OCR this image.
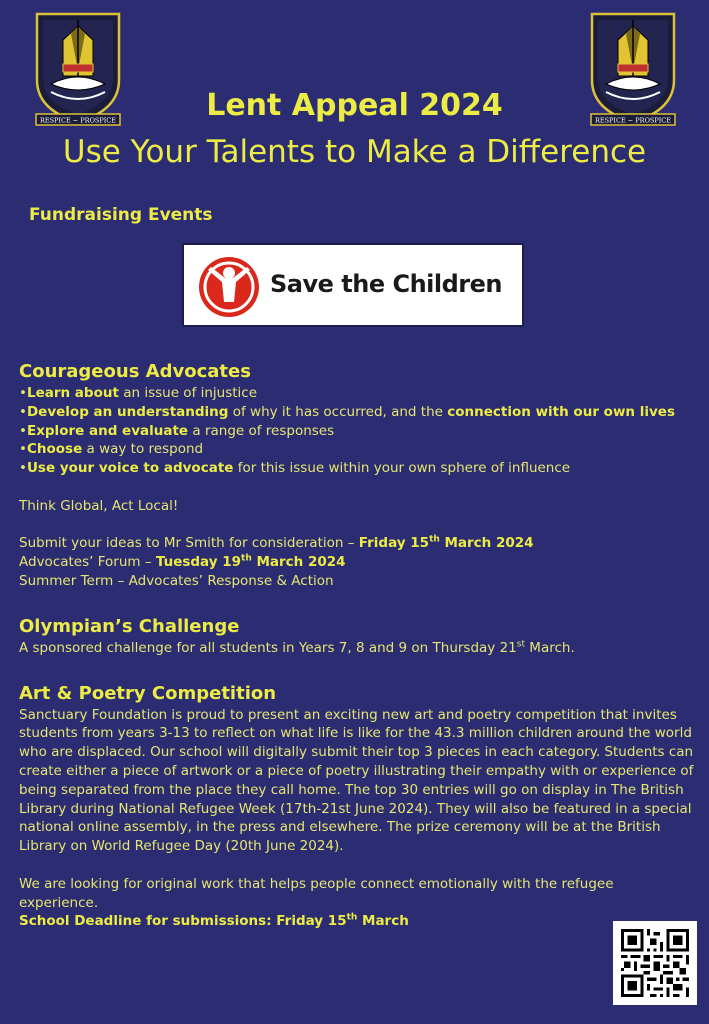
RESPICE ~ PROSPICE	RESPICE ~ PROSPICE
Lent Appeal 2024
Use Your Talents to Make a Difference
Fundraising Events
Save the Children
Courageous Advocates

•Learn about an issue of injustice

•Develop an understanding of why it has occurred, and the connection with our own lives

•Explore and evaluate a range of responses

•Choose a way to respond

•Use your voice to advocate for this issue within your own sphere of influence

Think Global, Act Local!

Submit your ideas to Mr Smith for consideration – Friday 15th March 2024

Advocates’ Forum – Tuesday 19th March 2024

Summer Term – Advocates’ Response & Action

Olympian’s Challenge

A sponsored challenge for all students in Years 7, 8 and 9 on Thursday 21st March.

Art & Poetry Competition

Sanctuary Foundation is proud to present an exciting new art and poetry competition that invites students from years 3-13 to reflect on what life is like for the 43.3 million children around the world who are displaced. Our school will digitally submit their top 3 pieces in each category. Students can create either a piece of artwork or a piece of poetry illustrating their empathy with or experience of being separated from the place they call home. The top 30 entries will go on display in The British Library during National Refugee Week (17th-21st June 2024). They will also be featured in a special national online assembly, in the press and elsewhere. The prize ceremony will be at the British Library on World Refugee Day (20th June 2024).

We are looking for original work that helps people connect emotionally with the refugee experience.

School Deadline for submissions: Friday 15th March
